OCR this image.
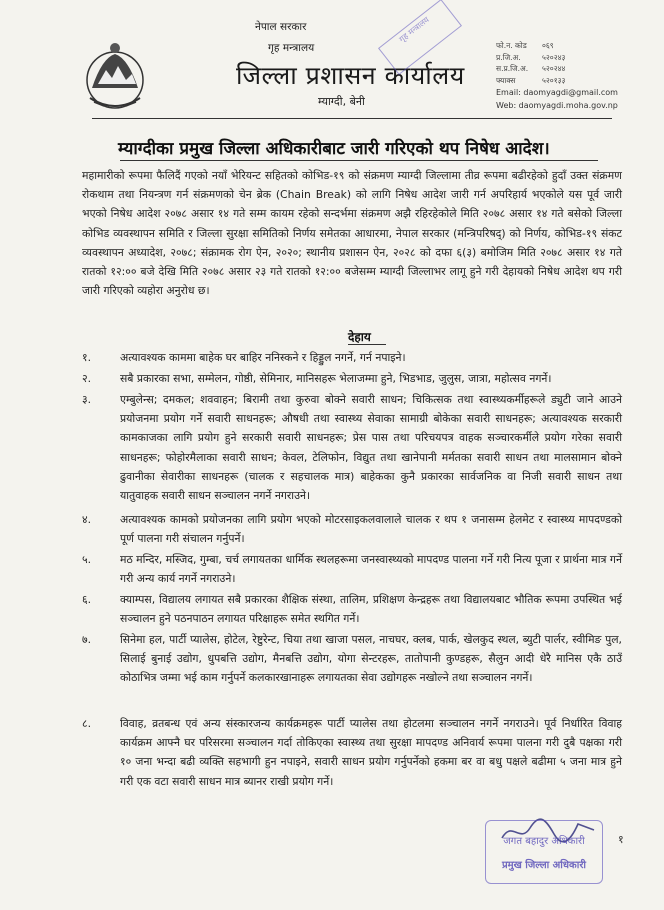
नेपाल सरकार
गृह मन्त्रालय
जिल्ला प्रशासन कार्यालय
म्याग्दी, बेनी
गृह मन्त्रालय
फो.न. कोड ०६९
प्र.जि.अ.	५२०२४३
स.प्र.जि.अ. ५२०२४४
फ्याक्स	५२०१३३
Email: daomyagdi@gmail.com
Web: daomyagdi.moha.gov.np
म्याग्दीका प्रमुख जिल्ला अधिकारीबाट जारी गरिएको थप निषेध आदेश।
महामारीको रूपमा फैलिदैं गएको नयाँ भेरियन्ट सहितको कोभिड-१९ को संक्रमण म्याग्दी जिल्लामा तीव्र रूपमा बढीरहेको हुदाँ उक्त संक्रमण रोकथाम तथा नियन्त्रण गर्न संक्रमणको चेन ब्रेक (Chain Break) को लागि निषेध आदेश जारी गर्न अपरिहार्य भएकोले यस पूर्व जारी भएको निषेध आदेश २०७८ असार १४ गते सम्म कायम रहेको सन्दर्भमा संक्रमण अझै रहिरहेकोले मिति २०७८ असार १४ गते बसेको जिल्ला कोभिड व्यवस्थापन समिति र जिल्ला सुरक्षा समितिको निर्णय समेतका आधारमा, नेपाल सरकार (मन्त्रिपरिषद्) को निर्णय, कोभिड-१९ संकट व्यवस्थापन अध्यादेश, २०७८; संक्रामक रोग ऐन, २०२०; स्थानीय प्रशासन ऐन, २०२८ को दफा ६(३) बमोजिम मिति २०७८ असार १४ गते रातको १२:०० बजे देखि मिति २०७८ असार २३ गते रातको १२:०० बजेसम्म म्याग्दी जिल्लाभर लागू हुने गरी देहायको निषेध आदेश थप गरी जारी गरिएको व्यहोरा अनुरोध छ।
देहाय
१.	अत्यावश्यक काममा बाहेक घर बाहिर ननिस्कने र हिड्डुल नगर्ने, गर्न नपाइने।
२.	सबै प्रकारका सभा, सम्मेलन, गोष्ठी, सेमिनार, मानिसहरू भेलाजम्मा हुने, भिडभाड, जुलुस, जात्रा, महोत्सव नगर्ने।
३.	एम्बुलेन्स; दमकल; शववाहन; बिरामी तथा कुरुवा बोक्ने सवारी साधन; चिकित्सक तथा स्वास्थ्यकर्मीहरूले ड्युटी जाने आउने प्रयोजनमा प्रयोग गर्ने सवारी साधनहरू; औषधी तथा स्वास्थ्य सेवाका सामाग्री बोकेका सवारी साधनहरू; अत्यावश्यक सरकारी कामकाजका लागि प्रयोग हुने सरकारी सवारी साधनहरू; प्रेस पास तथा परिचयपत्र वाहक सञ्चारकर्मीले प्रयोग गरेका सवारी साधनहरू; फोहोरमैलाका सवारी साधन; केवल, टेलिफोन, विद्युत तथा खानेपानी मर्मतका सवारी साधन तथा मालसामान बोक्ने ढुवानीका सेवारीका साधनहरू (चालक र सहचालक मात्र) बाहेकका कुनै प्रकारका सार्वजनिक वा निजी सवारी साधन तथा यातुवाहक सवारी साधन सञ्चालन नगर्ने नगराउने।
४.	अत्यावश्यक कामको प्रयोजनका लागि प्रयोग भएको मोटरसाइकलवालाले चालक र थप १ जनासम्म हेलमेट र स्वास्थ्य मापदण्डको पूर्ण पालना गरी संचालन गर्नुपर्ने।
५.	मठ मन्दिर, मस्जिद, गुम्बा, चर्च लगायतका धार्मिक स्थलहरूमा जनस्वास्थ्यको मापदण्ड पालना गर्ने गरी नित्य पूजा र प्रार्थना मात्र गर्ने गरी अन्य कार्य नगर्ने नगराउने।
६.	क्याम्पस, विद्यालय लगायत सबै प्रकारका शैक्षिक संस्था, तालिम, प्रशिक्षण केन्द्रहरू तथा विद्यालयबाट भौतिक रूपमा उपस्थित भई सञ्चालन हुने पठनपाठन लगायत परिक्षाहरू समेत स्थगित गर्ने।
७.	सिनेमा हल, पार्टी प्यालेस, होटेल, रेष्टुरेन्ट, चिया तथा खाजा पसल, नाचघर, क्लब, पार्क, खेलकुद स्थल, ब्युटी पार्लर, स्वीमिङ पुल, सिलाई बुनाई उद्योग, धुपबत्ति उद्योग, मैनबत्ति उद्योग, योगा सेन्टरहरू, तातोपानी कुण्डहरू, सैलुन आदी धेरै मानिस एकै ठाउँ कोठाभित्र जम्मा भई काम गर्नुपर्ने कलकारखानाहरू लगायतका सेवा उद्योगहरू नखोल्ने तथा सञ्चालन नगर्ने।
८.	विवाह, व्रतबन्ध एवं अन्य संस्कारजन्य कार्यक्रमहरू पार्टी प्यालेस तथा होटलमा सञ्चालन नगर्ने नगराउने। पूर्व निर्धारित विवाह कार्यक्रम आफ्नै घर परिसरमा सञ्चालन गर्दा तोकिएका स्वास्थ्य तथा सुरक्षा मापदण्ड अनिवार्य रूपमा पालना गरी दुबै पक्षका गरी १० जना भन्दा बढी व्यक्ति सहभागी हुन नपाइने, सवारी साधन प्रयोग गर्नुपर्नेको हकमा बर वा बधु पक्षले बढीमा ५ जना मात्र हुने गरी एक वटा सवारी साधन मात्र ब्यानर राखी प्रयोग गर्ने।
जगत बहादुर अधिकारी
प्रमुख जिल्ला अधिकारी
१
